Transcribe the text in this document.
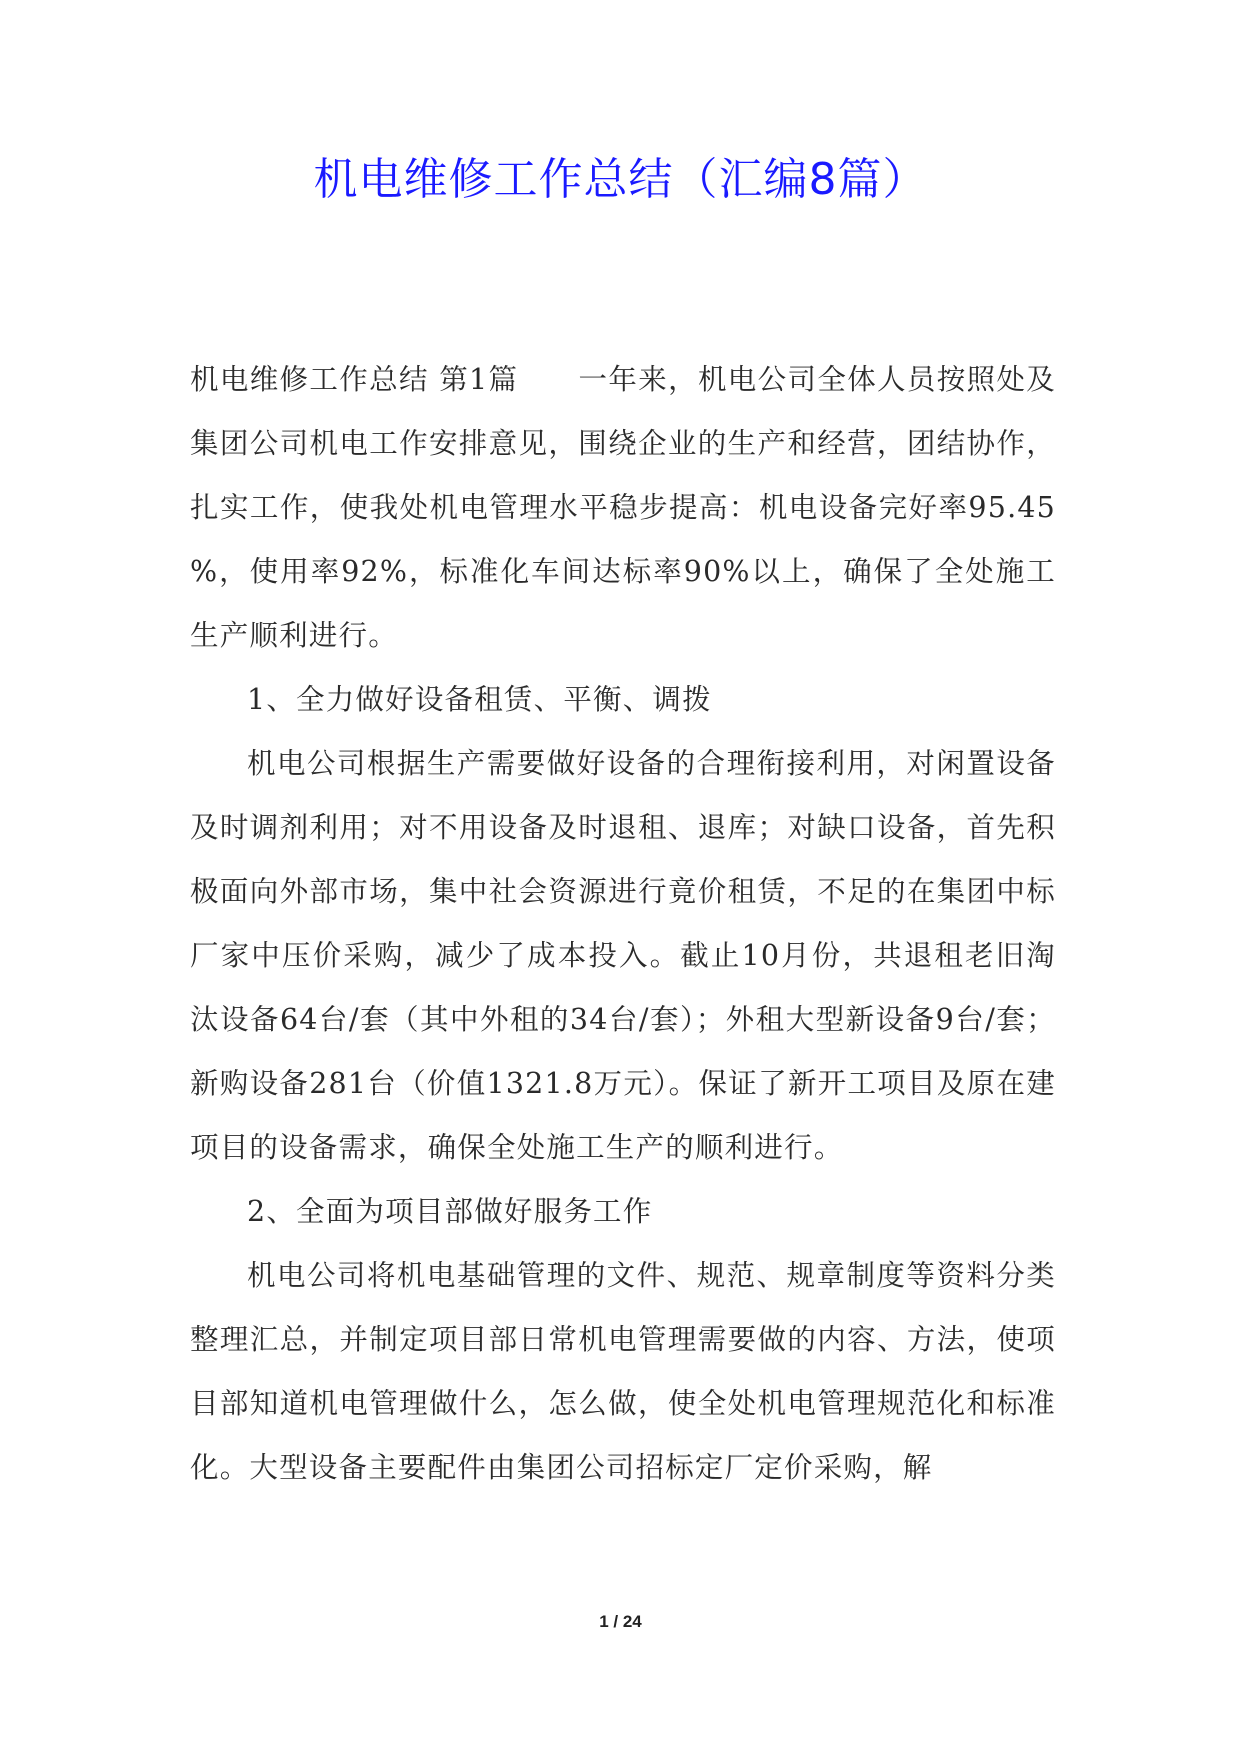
机电维修工作总结（汇编8篇）

机电维修工作总结 第1篇 一年来，机电公司全体人员按照处及集团公司机电工作安排意见，围绕企业的生产和经营，团结协作，扎实工作，使我处机电管理水平稳步提高：机电设备完好率95.45 %，使用率92%，标准化车间达标率90%以上，确保了全处施工生产顺利进行。

1、全力做好设备租赁、平衡、调拨

机电公司根据生产需要做好设备的合理衔接利用，对闲置设备及时调剂利用；对不用设备及时退租、退库；对缺口设备，首先积极面向外部市场，集中社会资源进行竟价租赁，不足的在集团中标厂家中压价采购，减少了成本投入。截止10月份，共退租老旧淘汰设备64台/套（其中外租的34台/套）；外租大型新设备9台/套；新购设备281台（价值1321.8万元）。保证了新开工项目及原在建项目的设备需求，确保全处施工生产的顺利进行。

2、全面为项目部做好服务工作

机电公司将机电基础管理的文件、规范、规章制度等资料分类整理汇总，并制定项目部日常机电管理需要做的内容、方法，使项目部知道机电管理做什么，怎么做，使全处机电管理规范化和标准化。大型设备主要配件由集团公司招标定厂定价采购，解

1 / 24
